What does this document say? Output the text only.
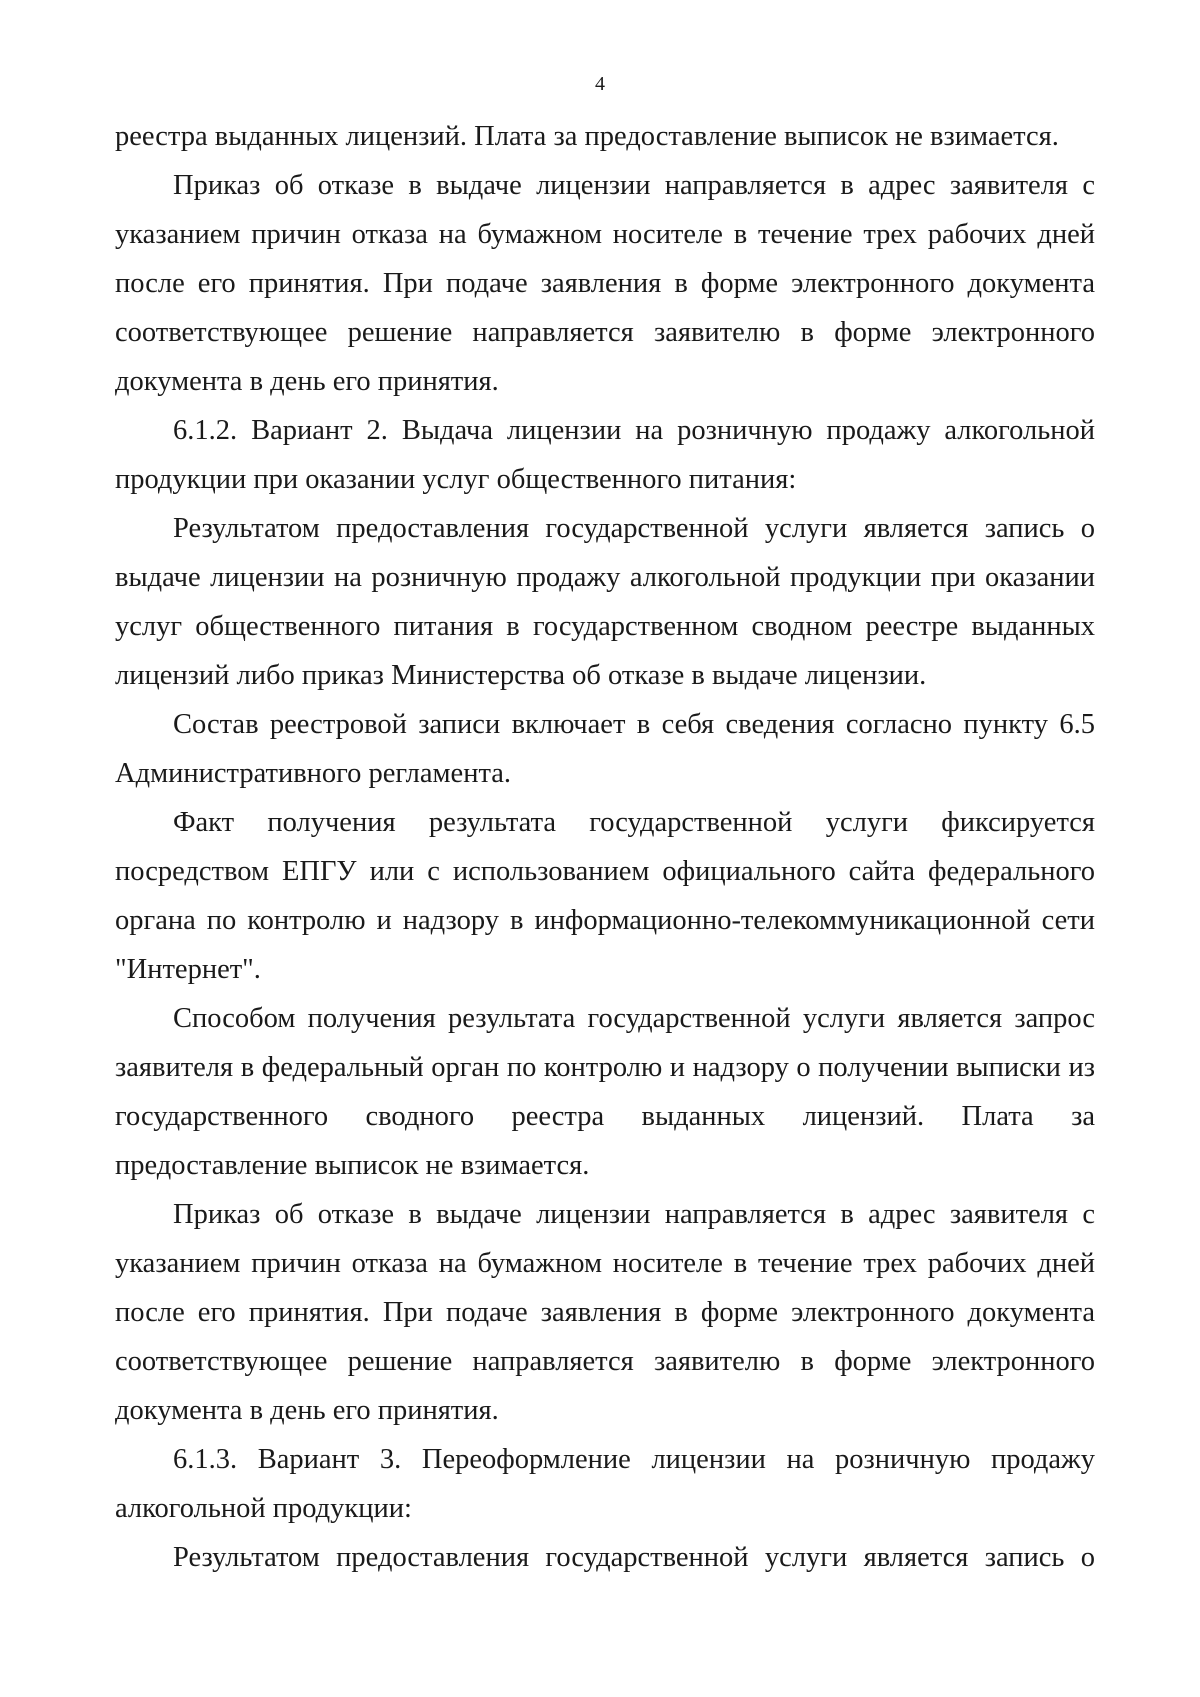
4

реестра выданных лицензий. Плата за предоставление выписок не взимается.

Приказ об отказе в выдаче лицензии направляется в адрес заявителя с указанием причин отказа на бумажном носителе в течение трех рабочих дней после его принятия. При подаче заявления в форме электронного документа соответствующее решение направляется заявителю в форме электронного документа в день его принятия.

6.1.2. Вариант 2. Выдача лицензии на розничную продажу алкогольной продукции при оказании услуг общественного питания:

Результатом предоставления государственной услуги является запись о выдаче лицензии на розничную продажу алкогольной продукции при оказании услуг общественного питания в государственном сводном реестре выданных лицензий либо приказ Министерства об отказе в выдаче лицензии.

Состав реестровой записи включает в себя сведения согласно пункту 6.5 Административного регламента.

Факт получения результата государственной услуги фиксируется посредством ЕПГУ или с использованием официального сайта федерального органа по контролю и надзору в информационно-телекоммуникационной сети "Интернет".

Способом получения результата государственной услуги является запрос заявителя в федеральный орган по контролю и надзору о получении выписки из государственного сводного реестра выданных лицензий. Плата за предоставление выписок не взимается.

Приказ об отказе в выдаче лицензии направляется в адрес заявителя с указанием причин отказа на бумажном носителе в течение трех рабочих дней после его принятия. При подаче заявления в форме электронного документа соответствующее решение направляется заявителю в форме электронного документа в день его принятия.

6.1.3. Вариант 3. Переоформление лицензии на розничную продажу алкогольной продукции:

Результатом предоставления государственной услуги является запись о
